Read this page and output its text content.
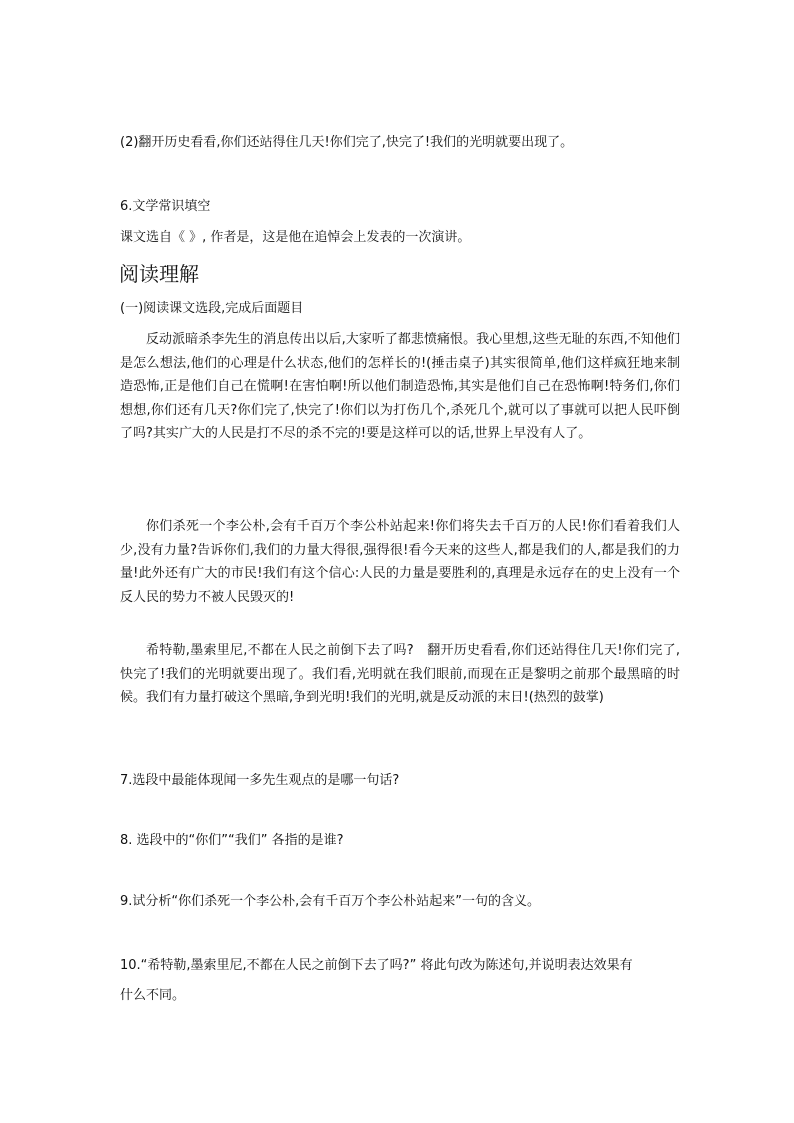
(2)翻开历史看看,你们还站得住几天!你们完了,快完了!我们的光明就要出现了。
6.文学常识填空
课文选自《 》, 作者是，这是他在追悼会上发表的一次演讲。
阅读理解
(一)阅读课文选段,完成后面题目
反动派暗杀李先生的消息传出以后,大家听了都悲愤痛恨。我心里想,这些无耻的东西,不知他们是怎么想法,他们的心理是什么状态,他们的怎样长的!(捶击桌子)其实很简单,他们这样疯狂地来制造恐怖,正是他们自己在慌啊!在害怕啊!所以他们制造恐怖,其实是他们自己在恐怖啊!特务们,你们想想,你们还有几天?你们完了,快完了!你们以为打伤几个,杀死几个,就可以了事就可以把人民吓倒了吗?其实广大的人民是打不尽的杀不完的!要是这样可以的话,世界上早没有人了。
你们杀死一个李公朴,会有千百万个李公朴站起来!你们将失去千百万的人民!你们看着我们人少,没有力量?告诉你们,我们的力量大得很,强得很!看今天来的这些人,都是我们的人,都是我们的力量!此外还有广大的市民!我们有这个信心:人民的力量是要胜利的,真理是永远存在的史上没有一个反人民的势力不被人民毁灭的!
希特勒,墨索里尼,不都在人民之前倒下去了吗?　翻开历史看看,你们还站得住几天!你们完了,快完了!我们的光明就要出现了。我们看,光明就在我们眼前,而现在正是黎明之前那个最黑暗的时候。我们有力量打破这个黑暗,争到光明!我们的光明,就是反动派的末日!(热烈的鼓掌)
7.选段中最能体现闻一多先生观点的是哪一句话?
8. 选段中的“你们”“我们” 各指的是谁?
9.试分析“你们杀死一个李公朴,会有千百万个李公朴站起来”一句的含义。
10.“希特勒,墨索里尼,不都在人民之前倒下去了吗?” 将此句改为陈述句,并说明表达效果有
什么不同。
